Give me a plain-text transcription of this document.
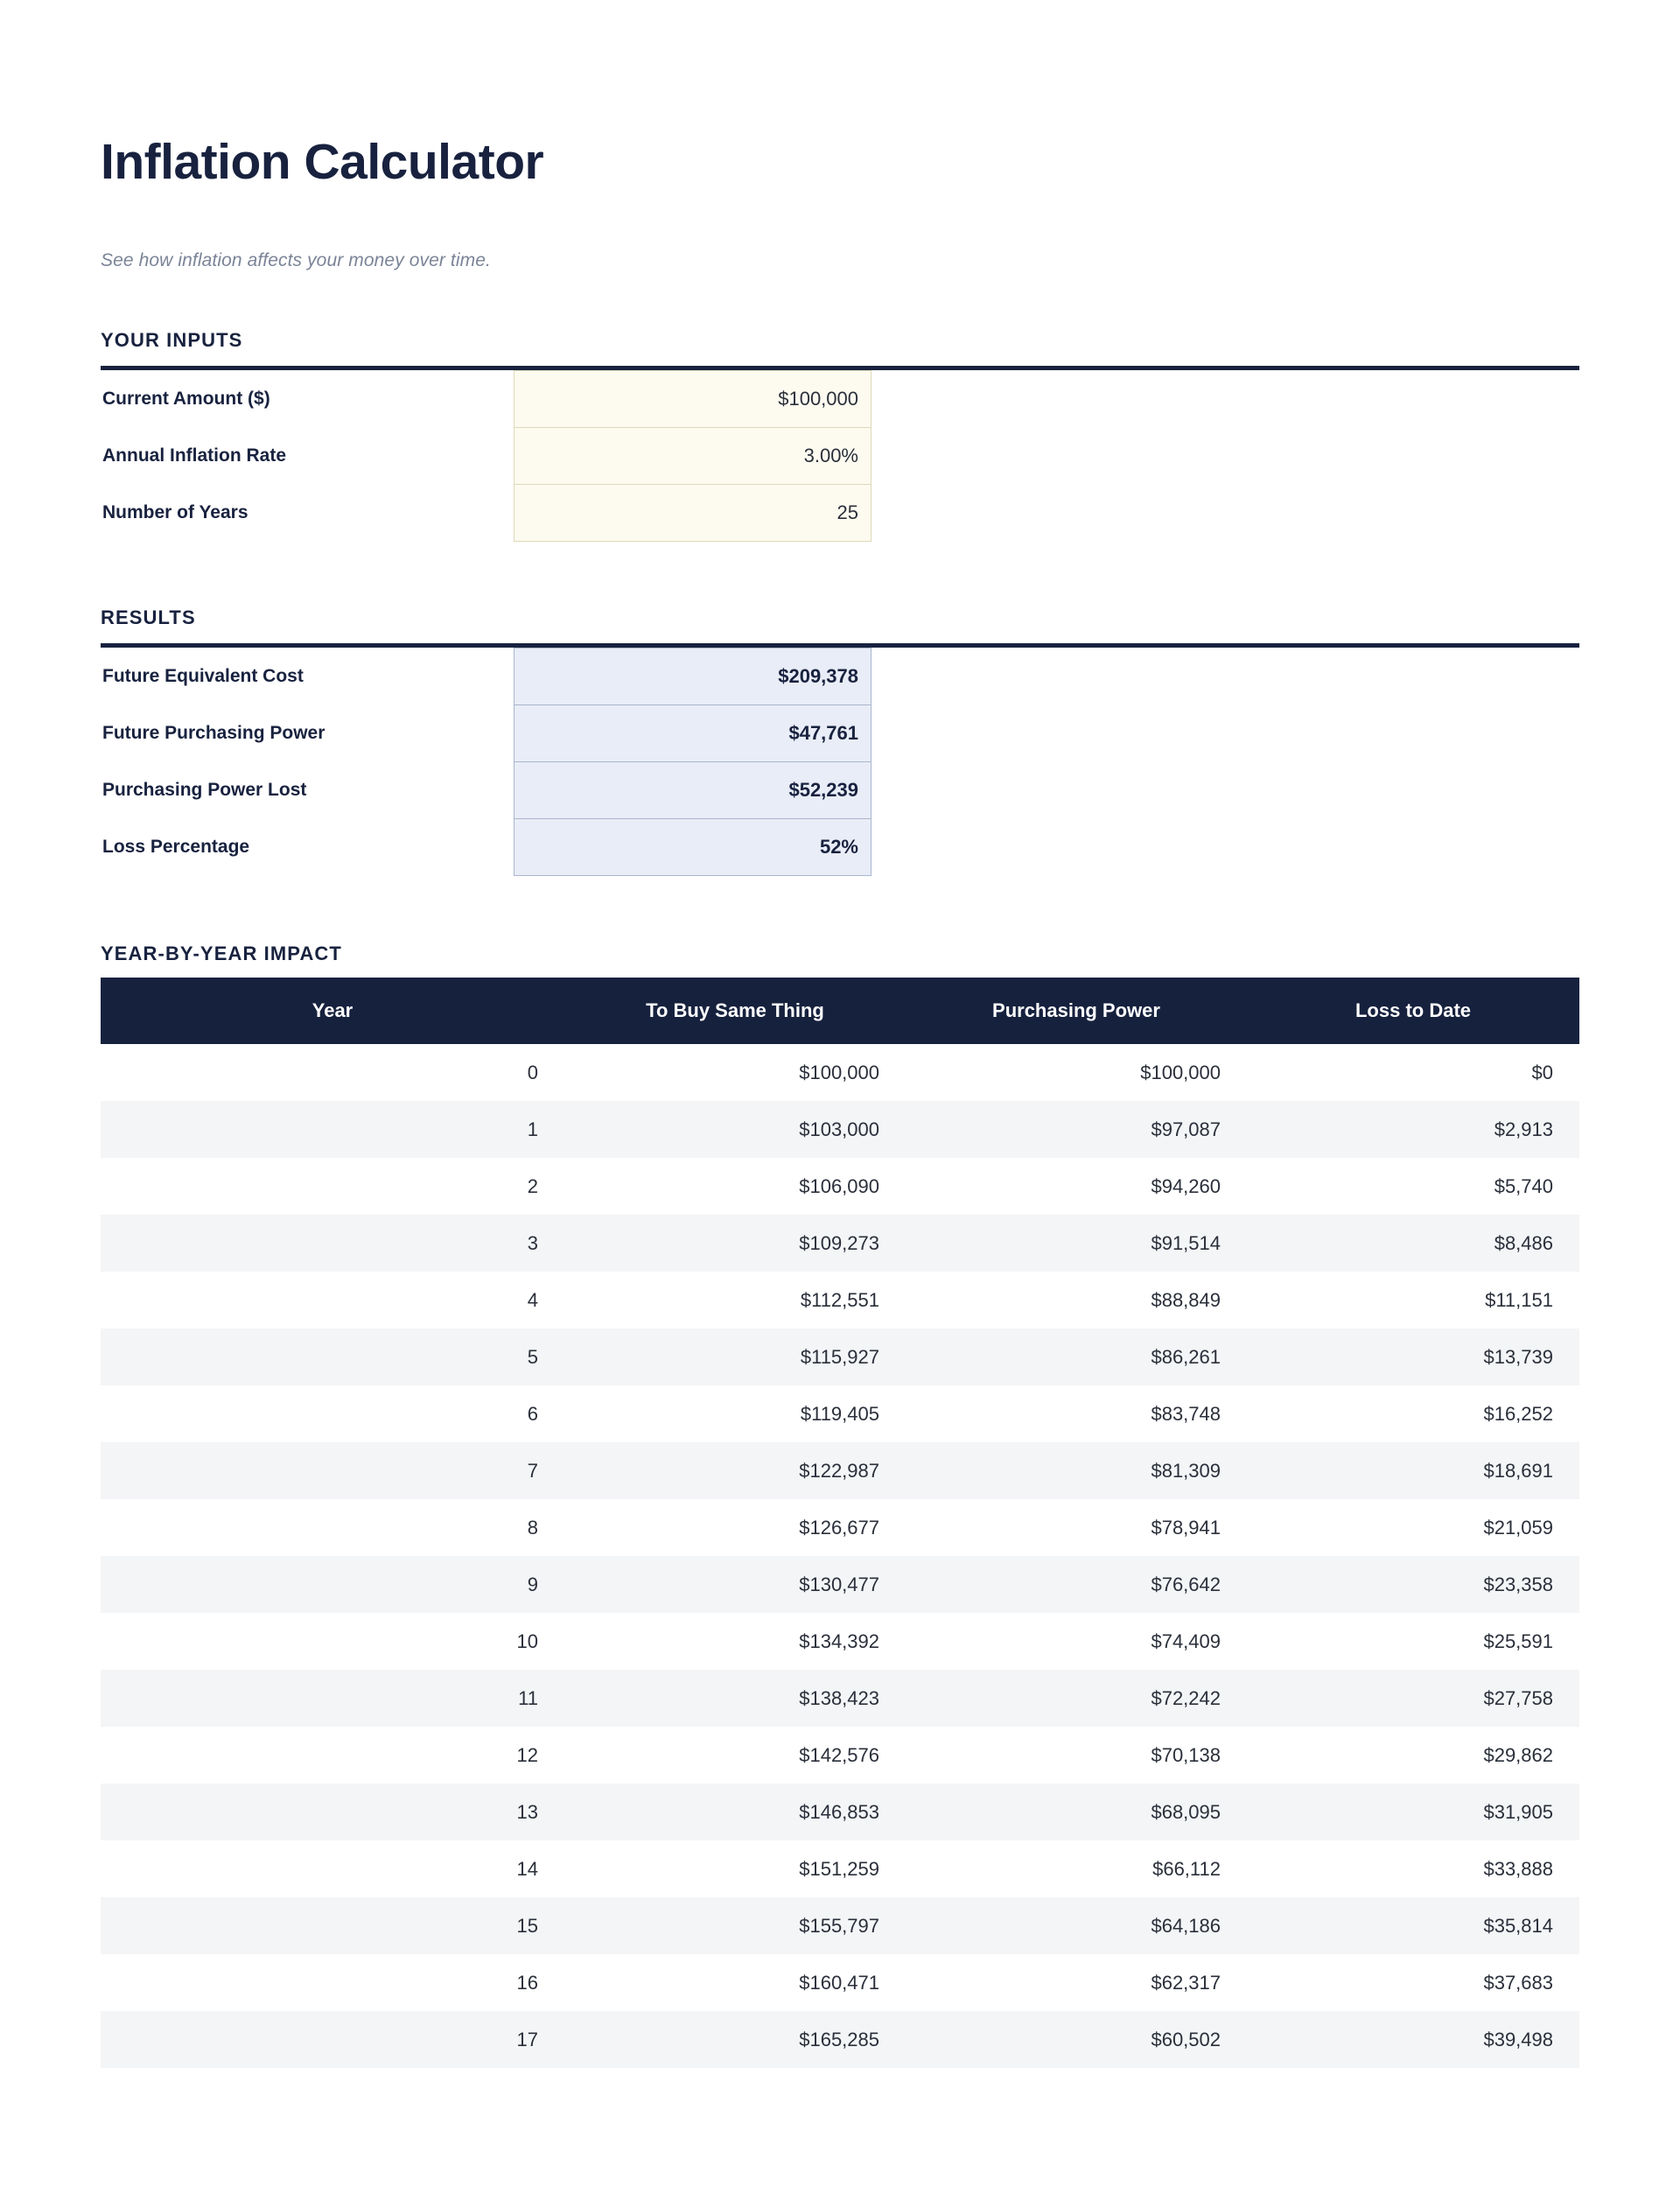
Inflation Calculator
See how inflation affects your money over time.
YOUR INPUTS
Current Amount ($)	$100,000	
Annual Inflation Rate	3.00%	
Number of Years	25	
RESULTS
Future Equivalent Cost	$209,378	
Future Purchasing Power	$47,761	
Purchasing Power Lost	$52,239	
Loss Percentage	52%	
YEAR-BY-YEAR IMPACT
Year	To Buy Same Thing	Purchasing Power	Loss to Date
0	$100,000	$100,000	$0
1	$103,000	$97,087	$2,913
2	$106,090	$94,260	$5,740
3	$109,273	$91,514	$8,486
4	$112,551	$88,849	$11,151
5	$115,927	$86,261	$13,739
6	$119,405	$83,748	$16,252
7	$122,987	$81,309	$18,691
8	$126,677	$78,941	$21,059
9	$130,477	$76,642	$23,358
10	$134,392	$74,409	$25,591
11	$138,423	$72,242	$27,758
12	$142,576	$70,138	$29,862
13	$146,853	$68,095	$31,905
14	$151,259	$66,112	$33,888
15	$155,797	$64,186	$35,814
16	$160,471	$62,317	$37,683
17	$165,285	$60,502	$39,498
